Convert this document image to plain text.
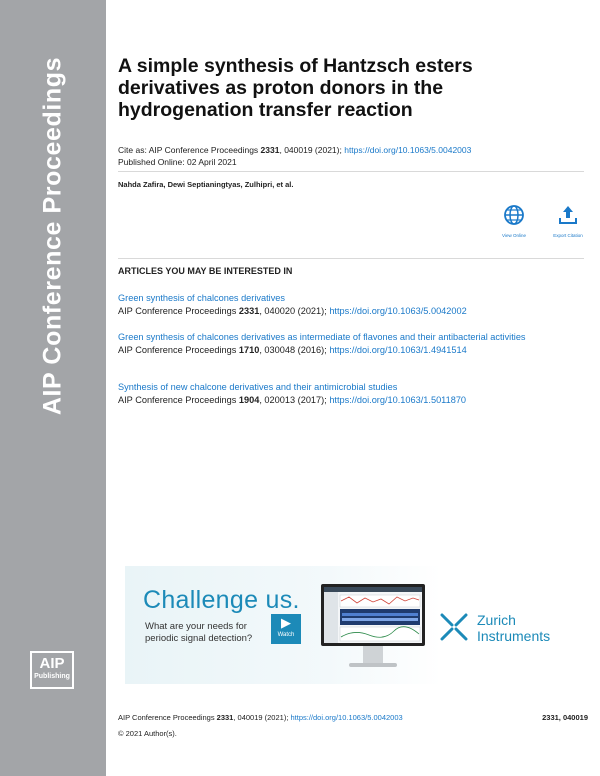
AIP Conference Proceedings
AIP
Publishing
A simple synthesis of Hantzsch esters derivatives as proton donors in the hydrogenation transfer reaction
Cite as: AIP Conference Proceedings 2331, 040019 (2021); https://doi.org/10.1063/5.0042003
Published Online: 02 April 2021
Nahda Zafira, Dewi Septianingtyas, Zulhipri, et al.
View Online	Export Citation
ARTICLES YOU MAY BE INTERESTED IN
Green synthesis of chalcones derivatives
AIP Conference Proceedings 2331, 040020 (2021); https://doi.org/10.1063/5.0042002
Green synthesis of chalcones derivatives as intermediate of flavones and their antibacterial activities
AIP Conference Proceedings 1710, 030048 (2016); https://doi.org/10.1063/1.4941514
Synthesis of new chalcone derivatives and their antimicrobial studies
AIP Conference Proceedings 1904, 020013 (2017); https://doi.org/10.1063/1.5011870
Challenge us.
What are your needs for
periodic signal detection?
▶
Watch
Zurich
Instruments
AIP Conference Proceedings 2331, 040019 (2021); https://doi.org/10.1063/5.0042003	2331, 040019
© 2021 Author(s).
